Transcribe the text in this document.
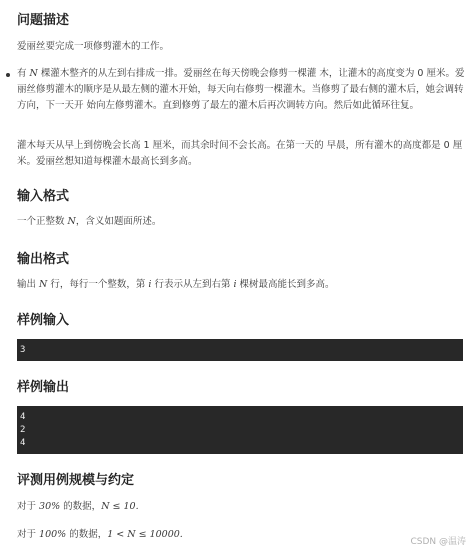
问题描述

爱丽丝要完成一项修剪灌木的工作。

有 N 棵灌木整齐的从左到右排成一排。爱丽丝在每天傍晚会修剪一棵灌 木，让灌木的高度变为 0 厘米。爱丽丝修剪灌木的顺序是从最左侧的灌木开始，每天向右修剪一棵灌木。当修剪了最右侧的灌木后，她会调转方向，下一天开 始向左修剪灌木。直到修剪了最左的灌木后再次调转方向。然后如此循环往复。

灌木每天从早上到傍晚会长高 1 厘米，而其余时间不会长高。在第一天的 早晨，所有灌木的高度都是 0 厘米。爱丽丝想知道每棵灌木最高长到多高。

输入格式

一个正整数 N，含义如题面所述。

输出格式

输出 N 行，每行一个整数，第 i 行表示从左到右第 i 棵树最高能长到多高。

样例输入
3
样例输出
4
2
4
评测用例规模与约定

对于 30% 的数据，N ≤ 10.

对于 100% 的数据，1 < N ≤ 10000.

CSDN @温涛
